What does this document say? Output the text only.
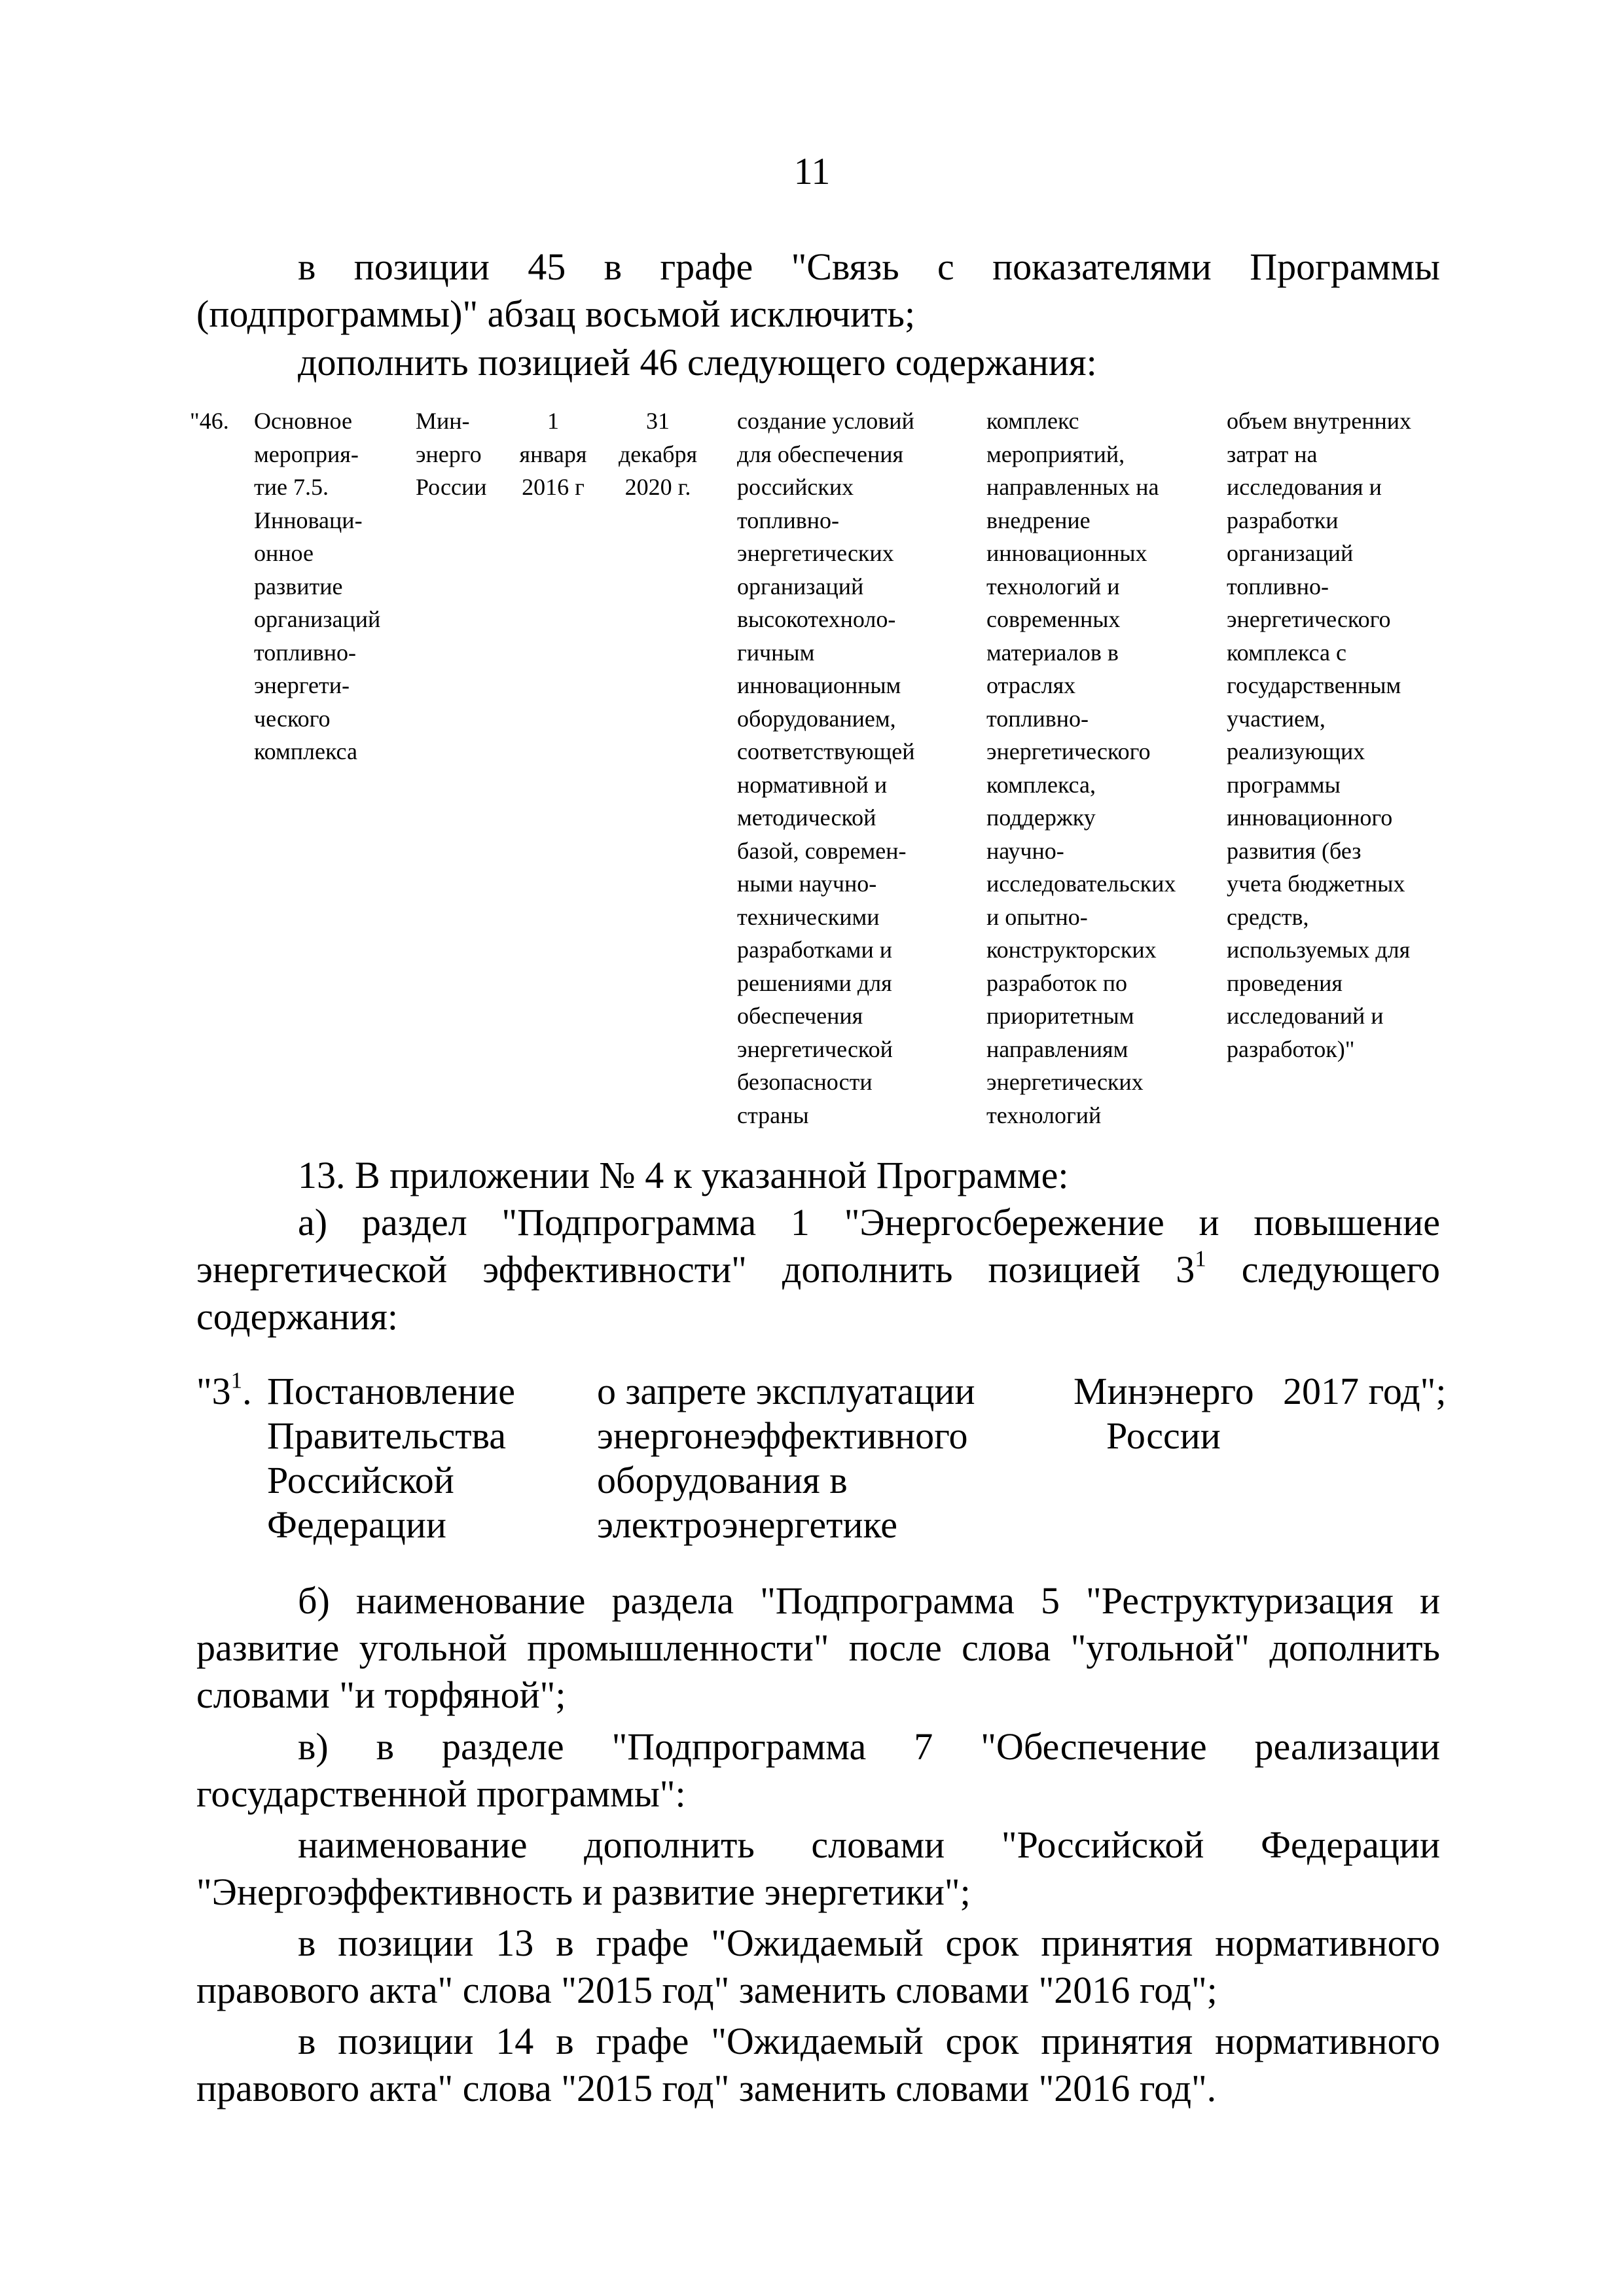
11
в позиции 45 в графе "Связь с показателями Программы
(подпрограммы)" абзац восьмой исключить;
дополнить позицией 46 следующего содержания:
"46. Основное
мероприя-
тие 7.5.
Инноваци-
онное
развитие
организаций
топливно-
энергети-
ческого
комплекса
Мин-
энерго
России
1
января
2016 г
31
декабря
2020 г.
создание условий
для обеспечения
российских
топливно-
энергетических
организаций
высокотехноло-
гичным
инновационным
оборудованием,
соответствующей
нормативной и
методической
базой, современ-
ными научно-
техническими
разработками и
решениями для
обеспечения
энергетической
безопасности
страны
комплекс
мероприятий,
направленных на
внедрение
инновационных
технологий и
современных
материалов в
отраслях
топливно-
энергетического
комплекса,
поддержку
научно-
исследовательских
и опытно-
конструкторских
разработок по
приоритетным
направлениям
энергетических
технологий
объем внутренних
затрат на
исследования и
разработки
организаций
топливно-
энергетического
комплекса с
государственным
участием,
реализующих
программы
инновационного
развития (без
учета бюджетных
средств,
используемых для
проведения
исследований и
разработок)"
13. В приложении № 4 к указанной Программе:
а) раздел "Подпрограмма 1 "Энергосбережение и повышение
энергетической эффективности" дополнить позицией $3^1$ следующего
содержания:
"$3^1$. Постановление
Правительства
Российской
Федерации
о запрете эксплуатации
энергонеэффективного
оборудования в
электроэнергетике
Минэнерго
России
2017 год";
б) наименование раздела "Подпрограмма 5 "Реструктуризация и
развитие угольной промышленности" после слова "угольной" дополнить
словами "и торфяной";
в) в разделе "Подпрограмма 7 "Обеспечение реализации
государственной программы":
наименование дополнить словами "Российской Федерации
"Энергоэффективность и развитие энергетики";
в позиции 13 в графе "Ожидаемый срок принятия нормативного
правового акта" слова "2015 год" заменить словами "2016 год";
в позиции 14 в графе "Ожидаемый срок принятия нормативного
правового акта" слова "2015 год" заменить словами "2016 год".
